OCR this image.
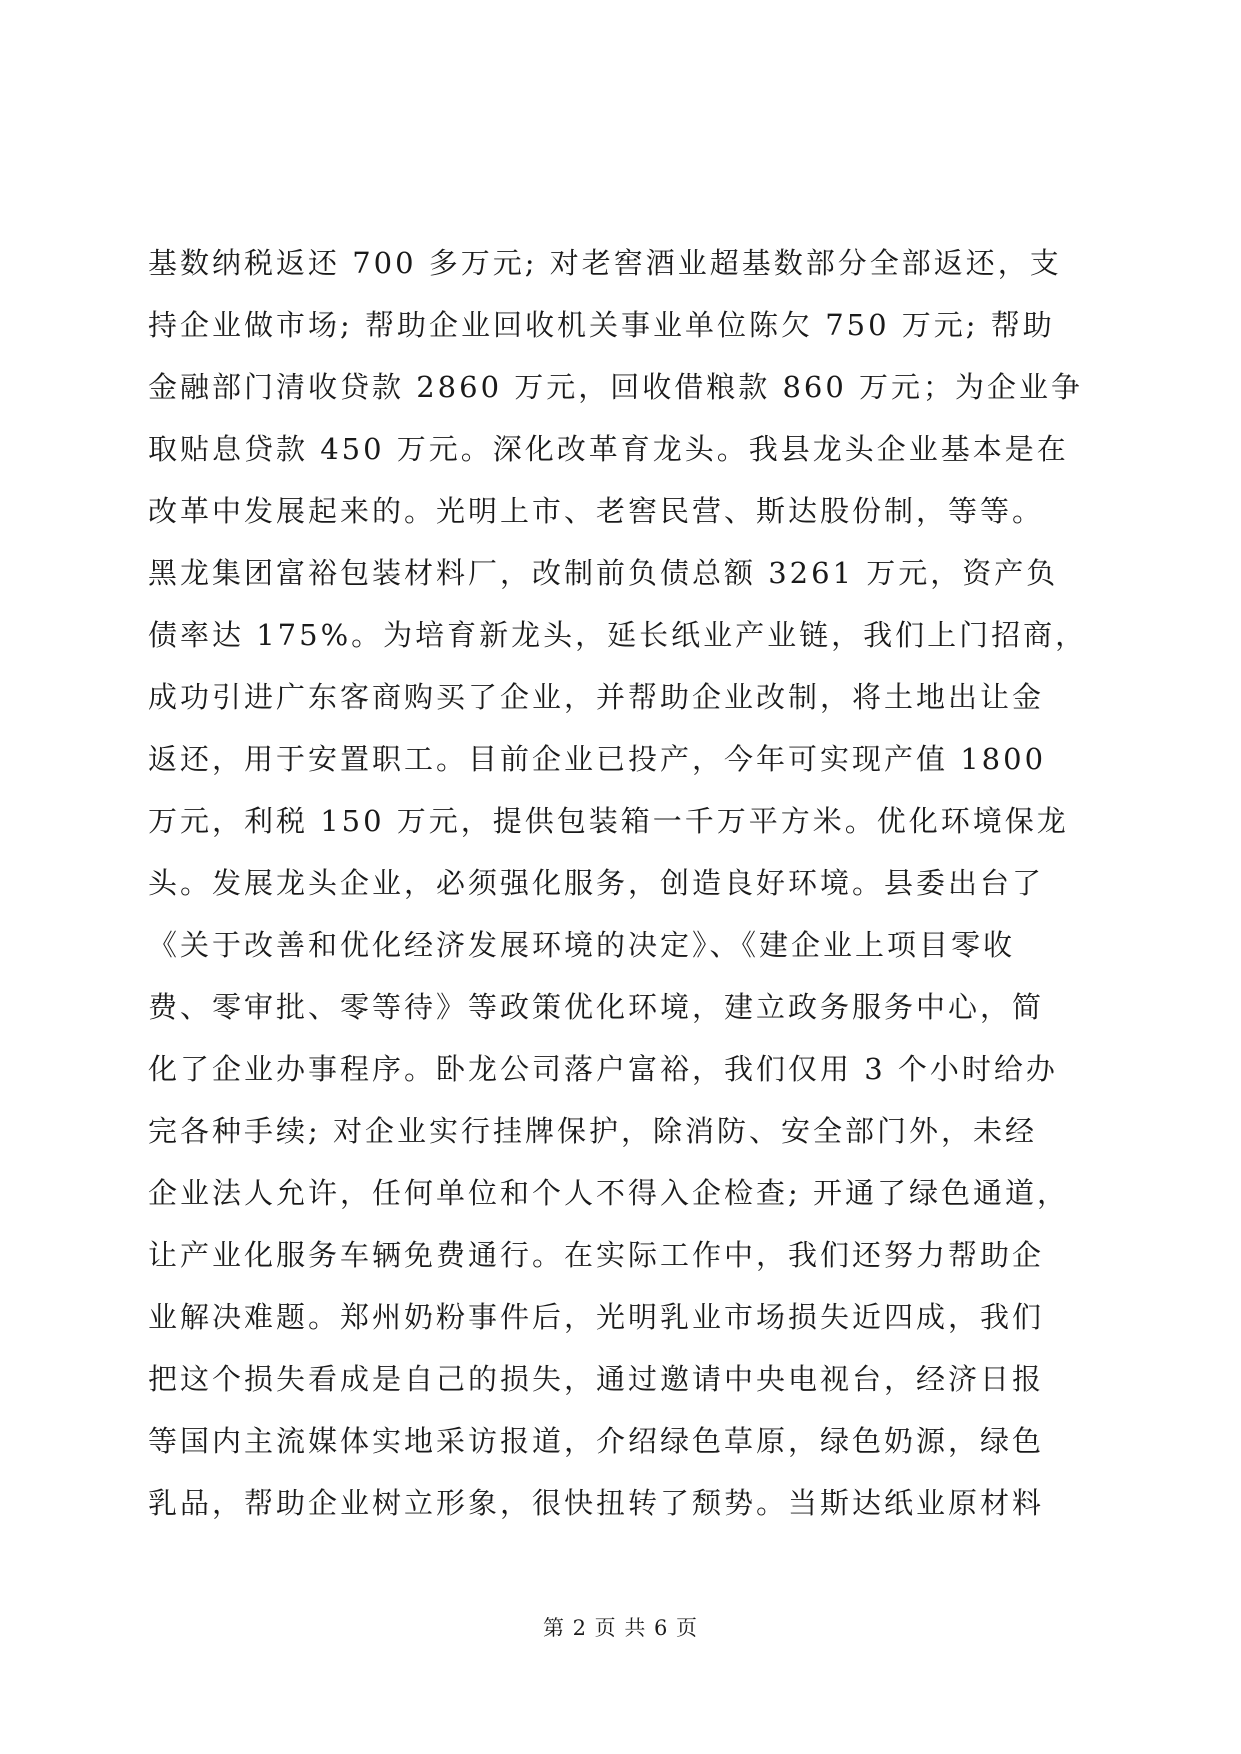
基数纳税返还 700 多万元; 对老窖酒业超基数部分全部返还，支
持企业做市场; 帮助企业回收机关事业单位陈欠 750 万元; 帮助
金融部门清收贷款 2860 万元，回收借粮款 860 万元；为企业争
取贴息贷款 450 万元。深化改革育龙头。我县龙头企业基本是在
改革中发展起来的。光明上市、老窖民营、斯达股份制，等等。
黑龙集团富裕包装材料厂，改制前负债总额 3261 万元，资产负
债率达 175%。为培育新龙头，延长纸业产业链，我们上门招商，
成功引进广东客商购买了企业，并帮助企业改制，将土地出让金
返还，用于安置职工。目前企业已投产，今年可实现产值 1800
万元，利税 150 万元，提供包装箱一千万平方米。优化环境保龙
头。发展龙头企业，必须强化服务，创造良好环境。县委出台了
《关于改善和优化经济发展环境的决定》、《建企业上项目零收
费、零审批、零等待》等政策优化环境，建立政务服务中心，简
化了企业办事程序。卧龙公司落户富裕，我们仅用 3 个小时给办
完各种手续; 对企业实行挂牌保护，除消防、安全部门外，未经
企业法人允许，任何单位和个人不得入企检查; 开通了绿色通道，
让产业化服务车辆免费通行。在实际工作中，我们还努力帮助企
业解决难题。郑州奶粉事件后，光明乳业市场损失近四成，我们
把这个损失看成是自己的损失，通过邀请中央电视台，经济日报
等国内主流媒体实地采访报道，介绍绿色草原，绿色奶源，绿色
乳品，帮助企业树立形象，很快扭转了颓势。当斯达纸业原材料
第 2 页 共 6 页
